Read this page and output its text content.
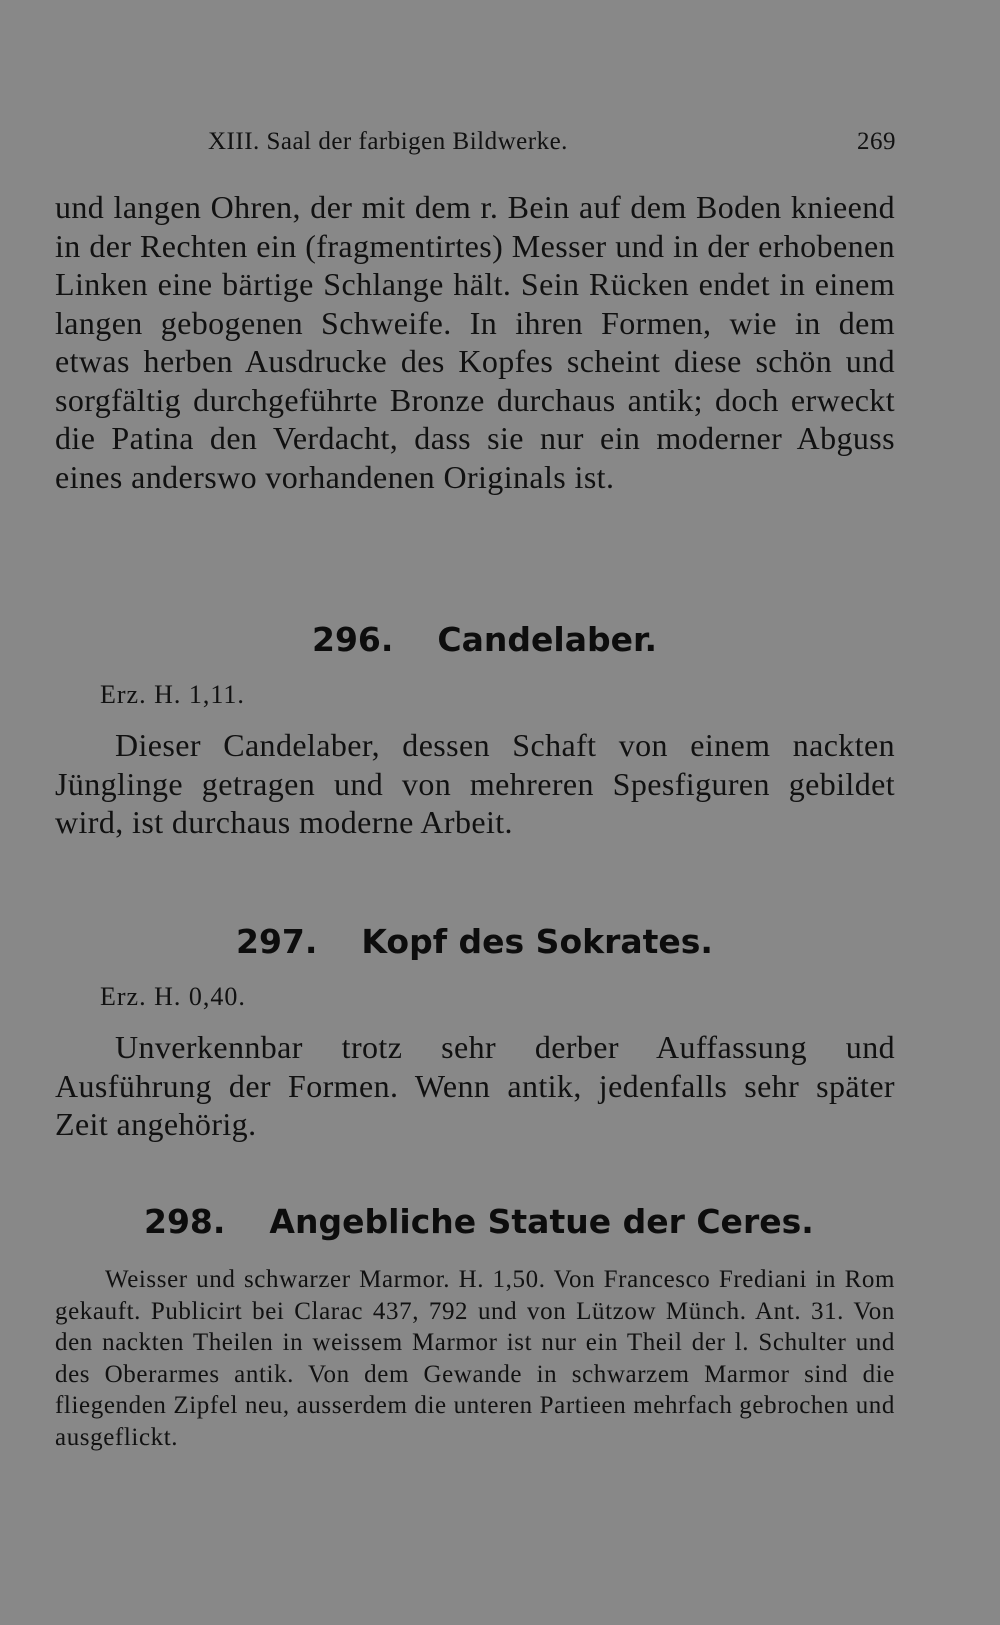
XIII. Saal der farbigen Bildwerke.	269

und langen Ohren, der mit dem r. Bein auf dem Boden knieend in der Rechten ein (fragmentirtes) Messer und in der erhobenen Linken eine bärtige Schlange hält. Sein Rücken endet in einem langen gebogenen Schweife. In ihren Formen, wie in dem etwas herben Ausdrucke des Kopfes scheint diese schön und sorgfältig durchgeführte Bronze durchaus antik; doch erweckt die Patina den Verdacht, dass sie nur ein moderner Abguss eines anderswo vorhandenen Originals ist.

296. Candelaber.
Erz. H. 1,11.

Dieser Candelaber, dessen Schaft von einem nackten Jünglinge getragen und von mehreren Spesfiguren gebildet wird, ist durchaus moderne Arbeit.

297. Kopf des Sokrates.
Erz. H. 0,40.

Unverkennbar trotz sehr derber Auffassung und Ausführung der Formen. Wenn antik, jedenfalls sehr später Zeit angehörig.

298. Angebliche Statue der Ceres.

Weisser und schwarzer Marmor. H. 1,50. Von Francesco Frediani in Rom gekauft. Publicirt bei Clarac 437, 792 und von Lützow Münch. Ant. 31. Von den nackten Theilen in weissem Marmor ist nur ein Theil der l. Schulter und des Oberarmes antik. Von dem Gewande in schwarzem Marmor sind die fliegenden Zipfel neu, ausserdem die unteren Partieen mehrfach gebrochen und ausgeflickt.
